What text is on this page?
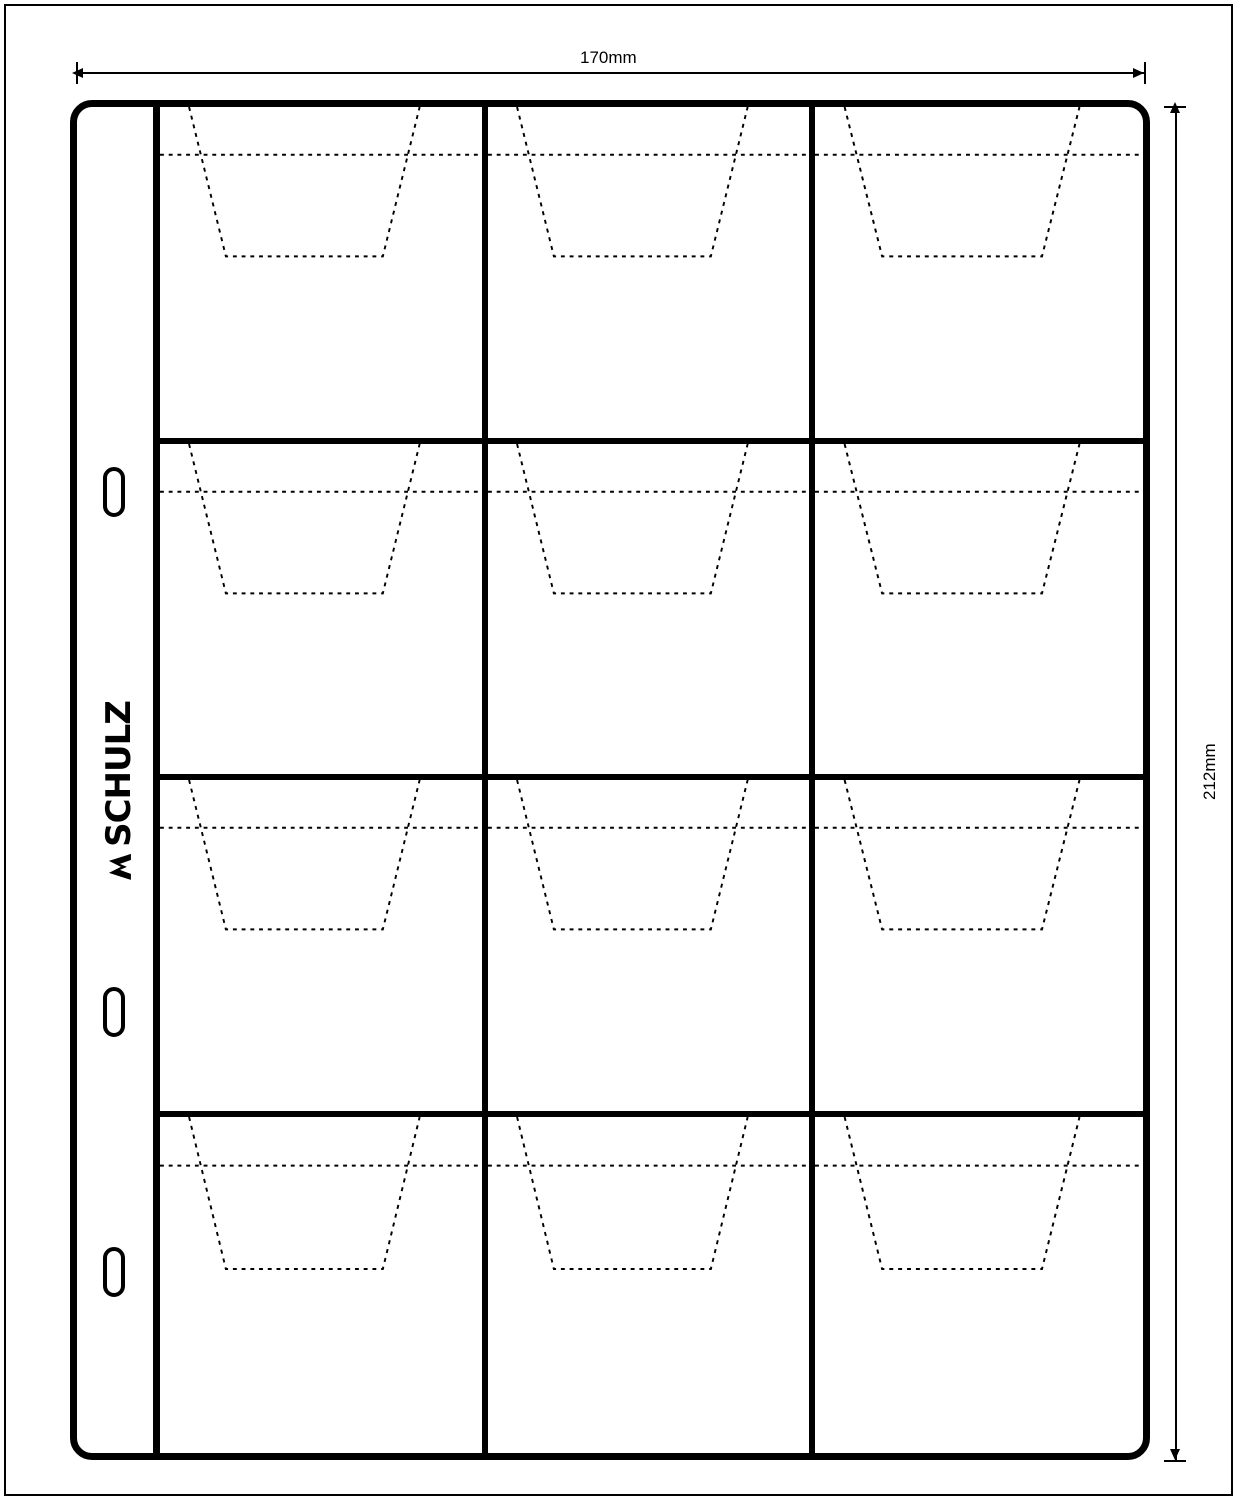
170mm
212mm
SCHULZ
